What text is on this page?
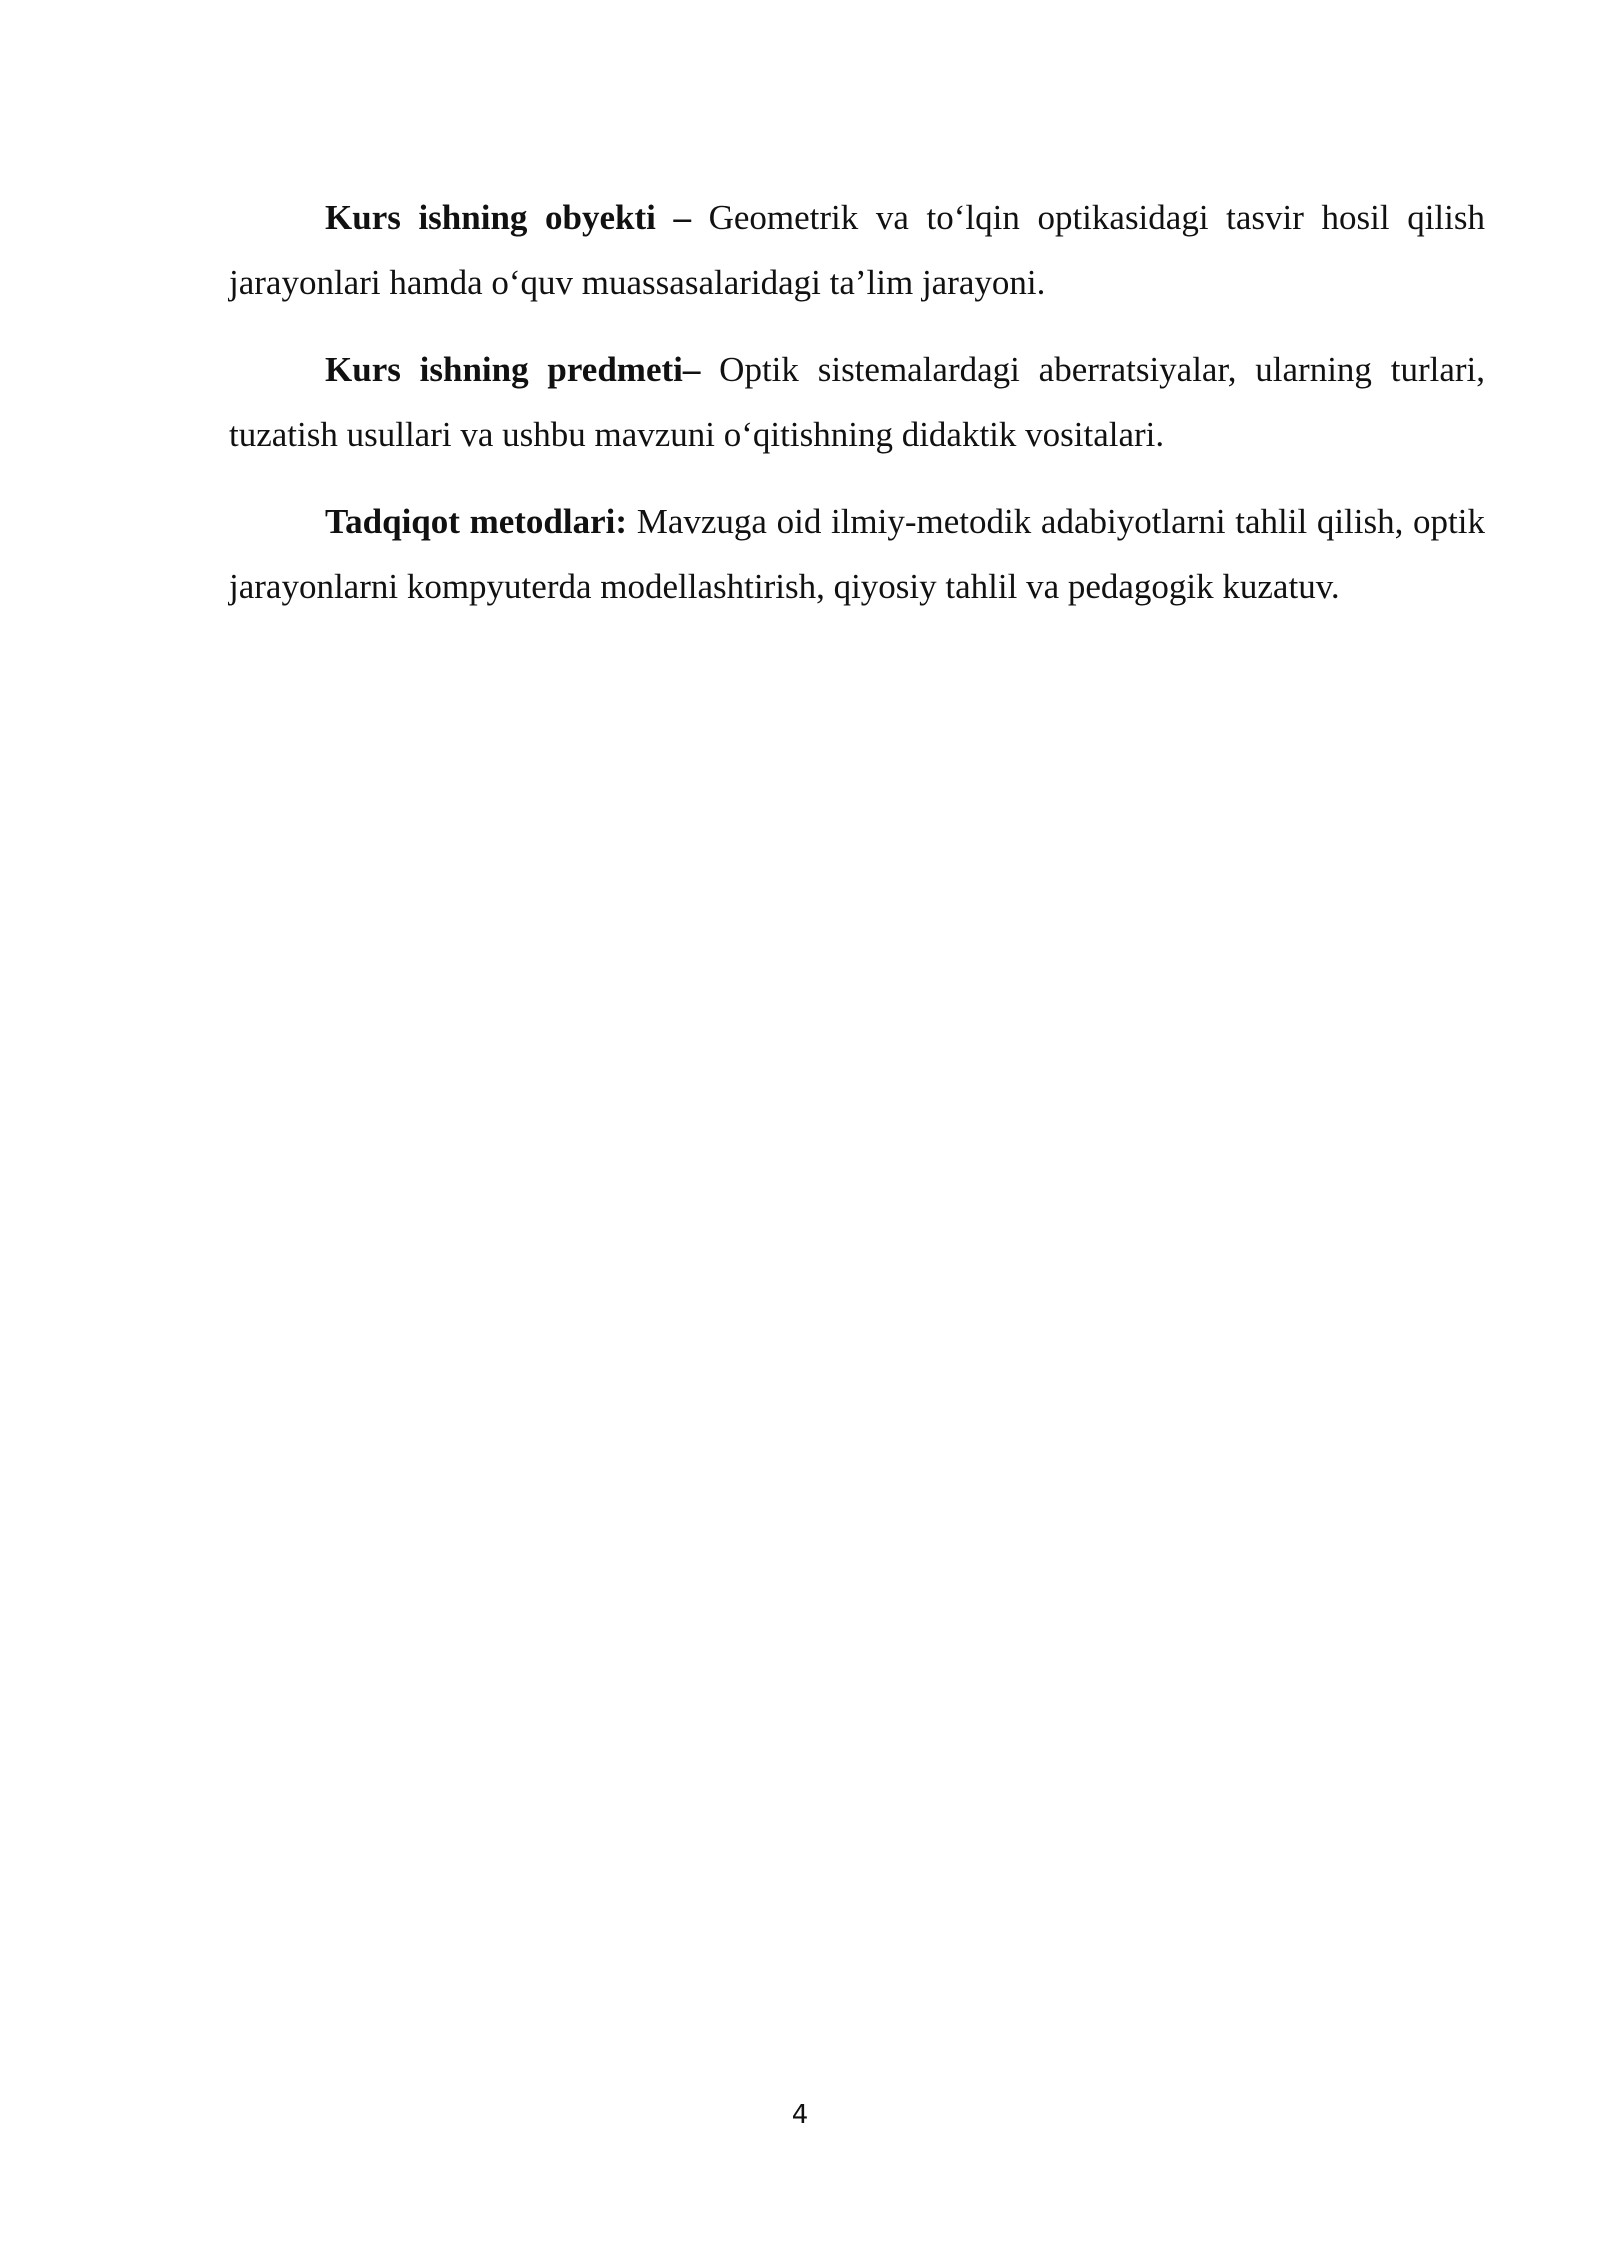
Kurs ishning obyekti – Geometrik va to‘lqin optikasidagi tasvir hosil qilish jarayonlari hamda o‘quv muassasalaridagi ta’lim jarayoni.

Kurs ishning predmeti– Optik sistemalardagi aberratsiyalar, ularning turlari, tuzatish usullari va ushbu mavzuni o‘qitishning didaktik vositalari.

Tadqiqot metodlari: Mavzuga oid ilmiy-metodik adabiyotlarni tahlil qilish, optik jarayonlarni kompyuterda modellashtirish, qiyosiy tahlil va pedagogik kuzatuv.

4
